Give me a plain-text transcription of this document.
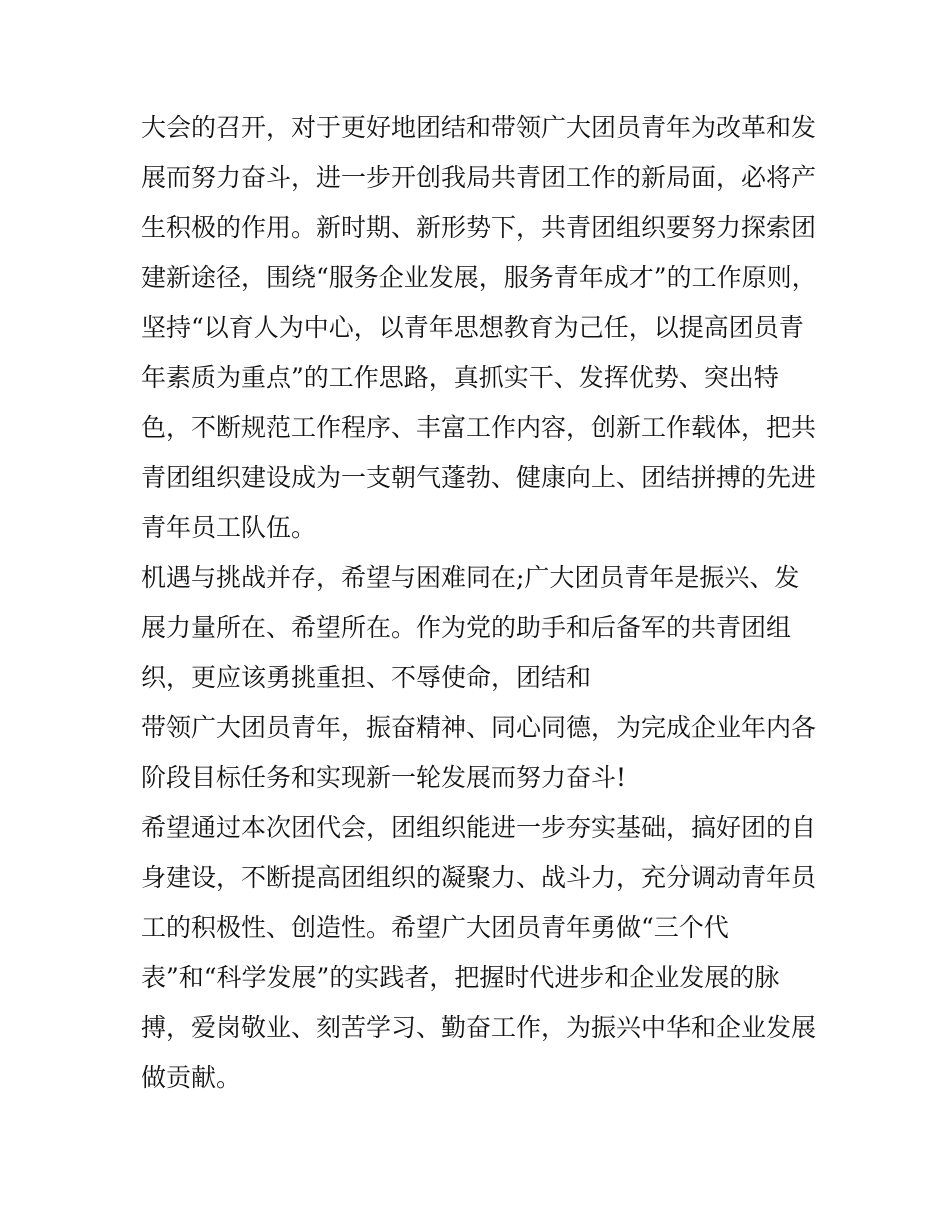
大会的召开，对于更好地团结和带领广大团员青年为改革和发
展而努力奋斗，进一步开创我局共青团工作的新局面，必将产
生积极的作用。新时期、新形势下，共青团组织要努力探索团
建新途径，围绕“服务企业发展，服务青年成才”的工作原则，
坚持“以育人为中心，以青年思想教育为己任，以提高团员青
年素质为重点”的工作思路，真抓实干、发挥优势、突出特
色，不断规范工作程序、丰富工作内容，创新工作载体，把共
青团组织建设成为一支朝气蓬勃、健康向上、团结拼搏的先进
青年员工队伍。
机遇与挑战并存，希望与困难同在;广大团员青年是振兴、发
展力量所在、希望所在。作为党的助手和后备军的共青团组
织，更应该勇挑重担、不辱使命，团结和
带领广大团员青年，振奋精神、同心同德，为完成企业年内各
阶段目标任务和实现新一轮发展而努力奋斗!
希望通过本次团代会，团组织能进一步夯实基础，搞好团的自
身建设，不断提高团组织的凝聚力、战斗力，充分调动青年员
工的积极性、创造性。希望广大团员青年勇做“三个代
表”和“科学发展”的实践者，把握时代进步和企业发展的脉
搏，爱岗敬业、刻苦学习、勤奋工作，为振兴中华和企业发展
做贡献。
